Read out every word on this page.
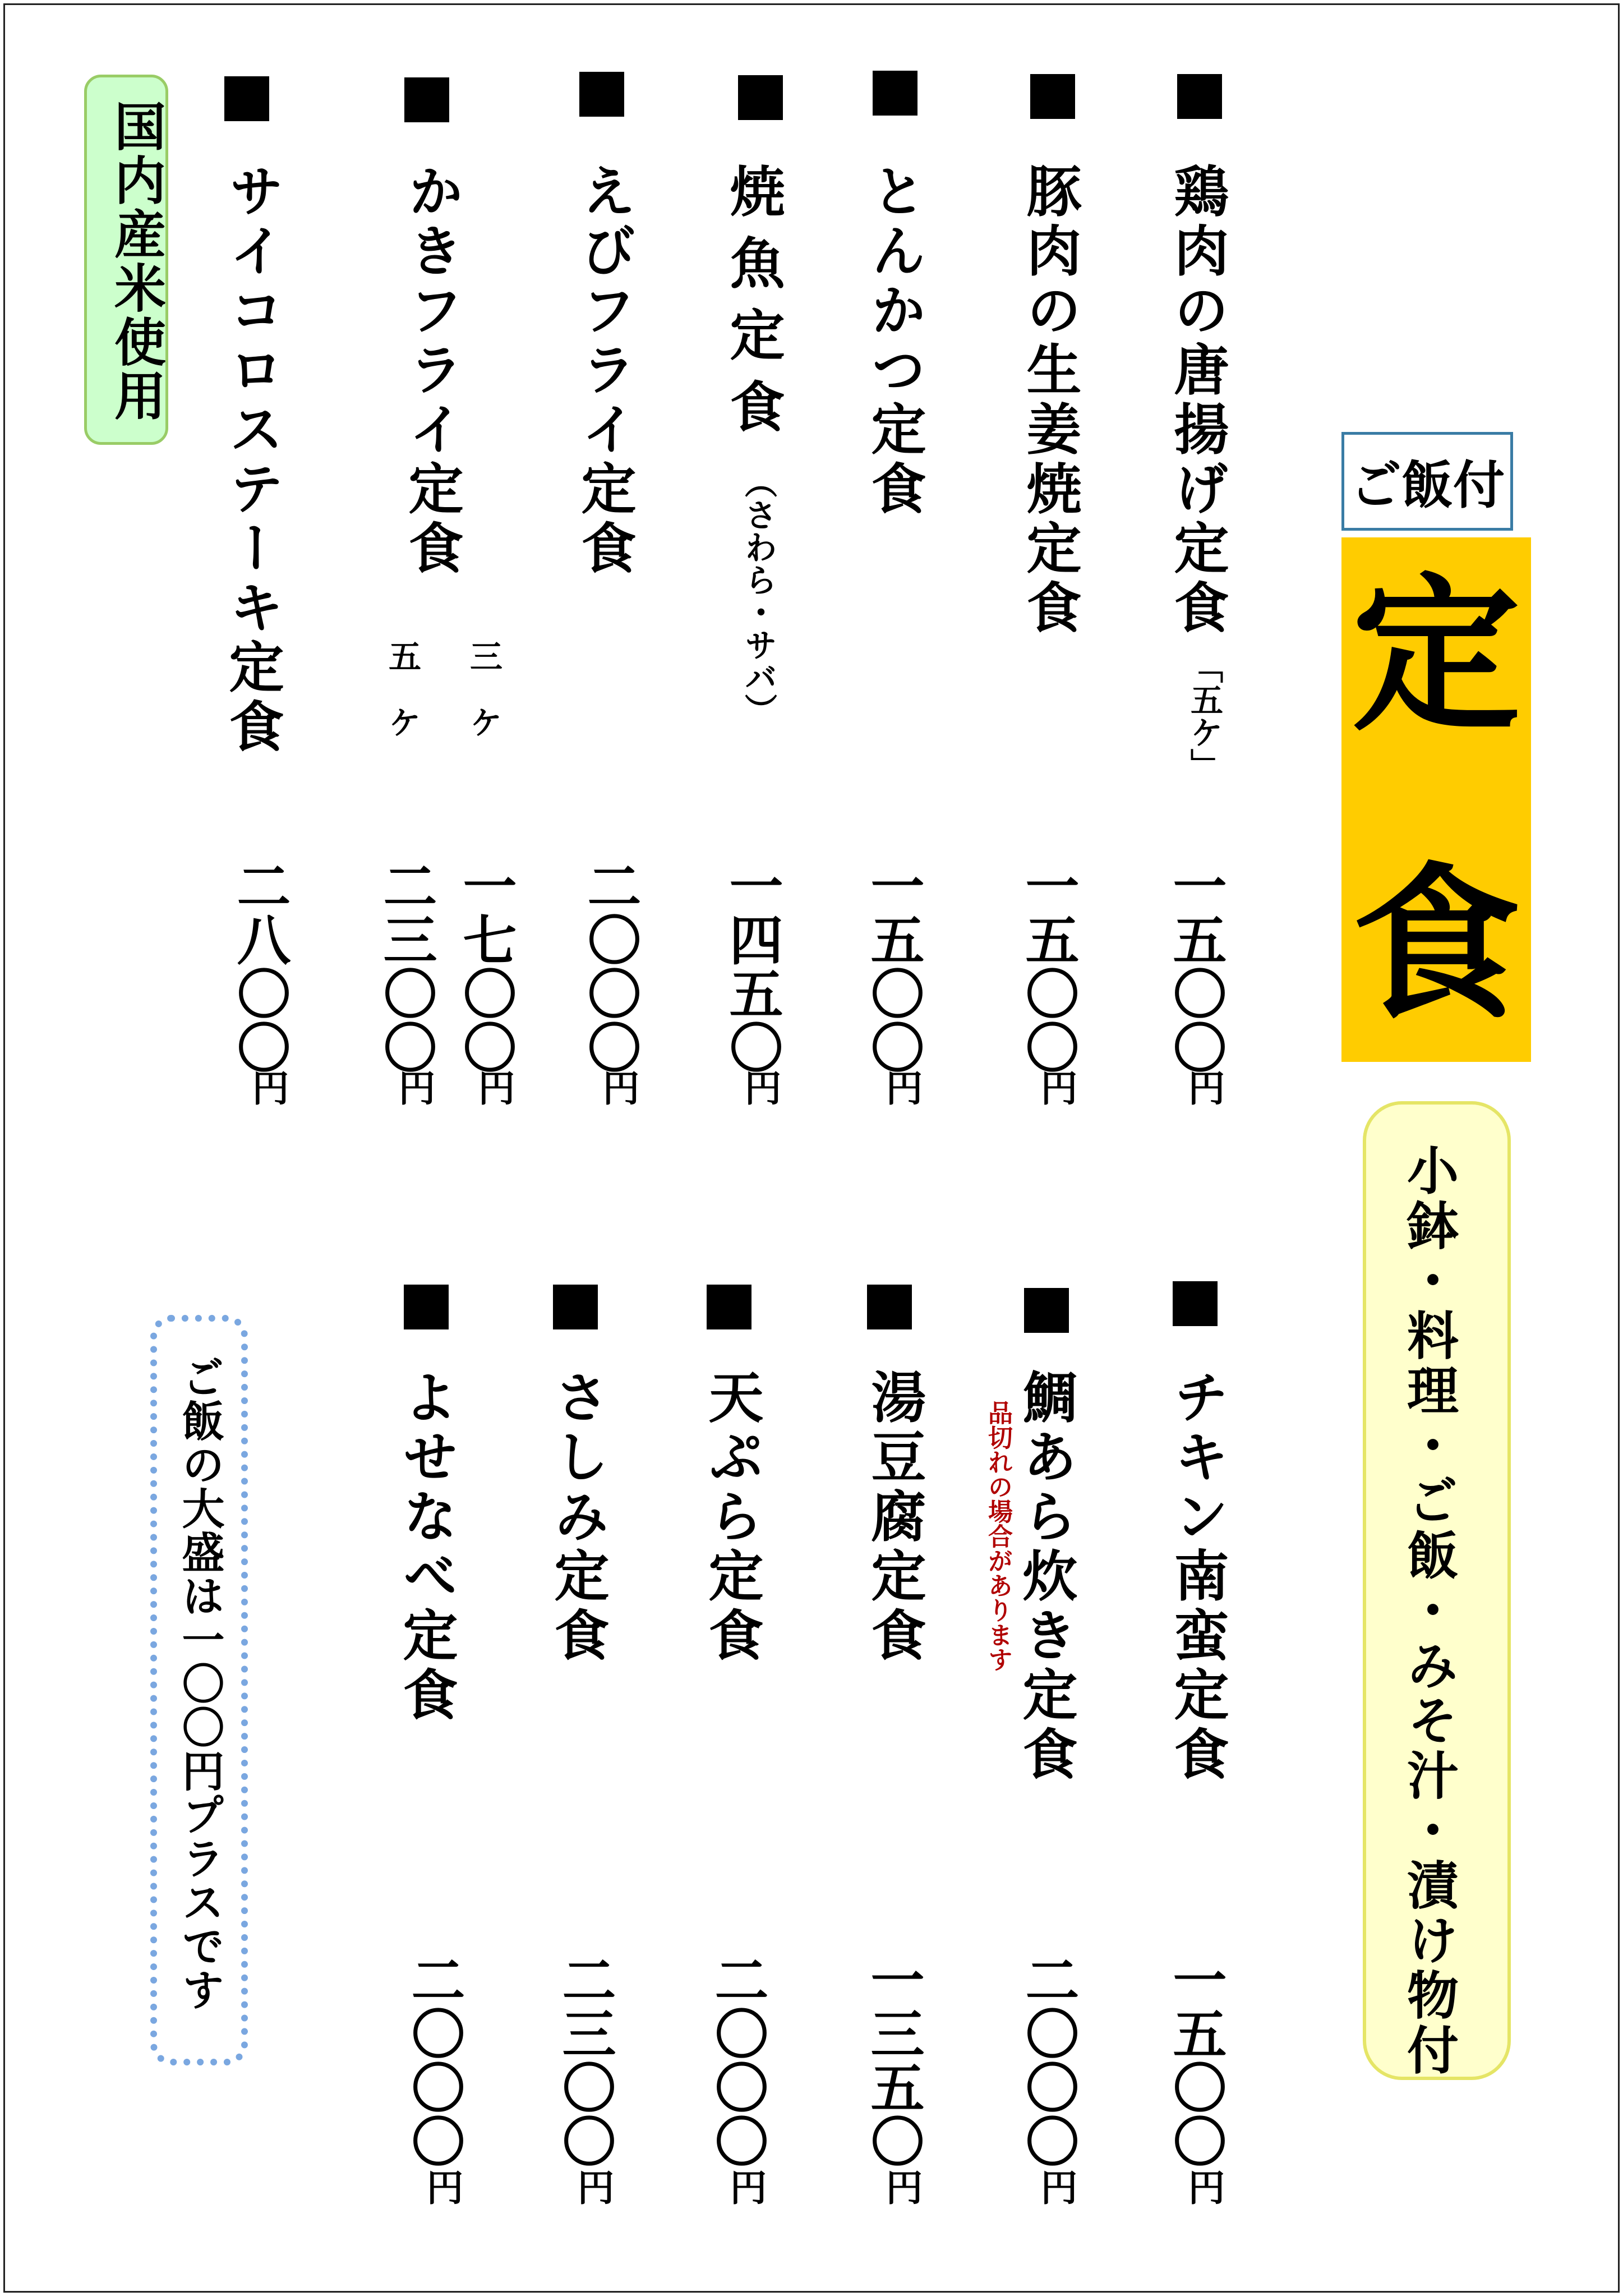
ご飯付
定
食
小鉢・料理・ご飯・みそ汁・漬け物付
国内産米使用
ご飯の大盛は一〇〇円プラスです
鶏肉の唐揚げ定食
「五ケ」
一五〇〇
円
豚肉の生姜焼定食
一五〇〇
円
とんかつ定食
一五〇〇
円
焼魚定食
（さわら・サバ）
一四五〇
円
えびフライ定食
二〇〇〇
円
かきフライ定食
三ケ
五ケ
一七〇〇
円
二三〇〇
円
サイコロステーキ定食
二八〇〇
円
チキン南蛮定食
一五〇〇
円
鯛あら炊き定食
品切れの場合があります
二〇〇〇
円
湯豆腐定食
一三五〇
円
天ぷら定食
二〇〇〇
円
さしみ定食
二三〇〇
円
よせなべ定食
二〇〇〇
円
